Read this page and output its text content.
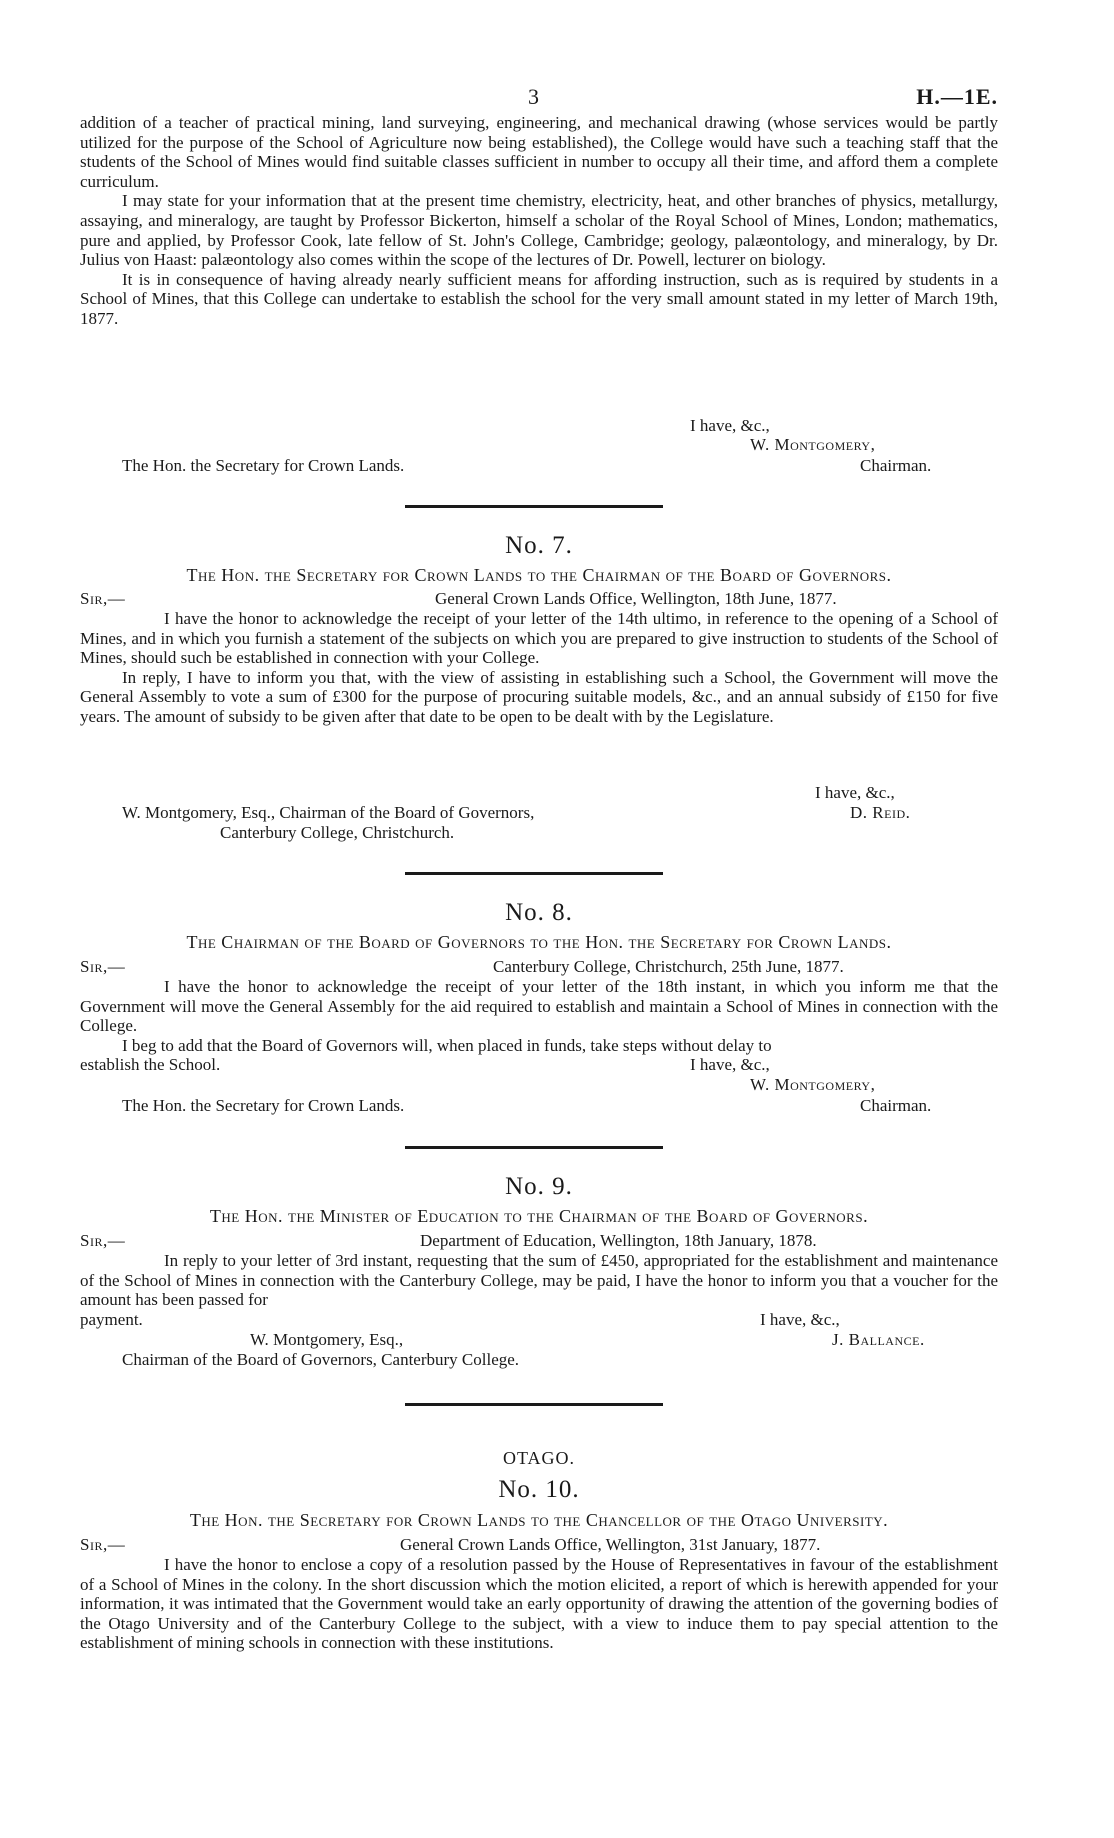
3	H.—1E.

addition of a teacher of practical mining, land surveying, engineering, and mechanical drawing (whose services would be partly utilized for the purpose of the School of Agriculture now being established), the College would have such a teaching staff that the students of the School of Mines would find suitable classes sufficient in number to occupy all their time, and afford them a complete curriculum.

I may state for your information that at the present time chemistry, electricity, heat, and other branches of physics, metallurgy, assaying, and mineralogy, are taught by Professor Bickerton, himself a scholar of the Royal School of Mines, London; mathematics, pure and applied, by Professor Cook, late fellow of St. John's College, Cambridge; geology, palæontology, and mineralogy, by Dr. Julius von Haast: palæontology also comes within the scope of the lectures of Dr. Powell, lecturer on biology.

It is in consequence of having already nearly sufficient means for affording instruction, such as is required by students in a School of Mines, that this College can undertake to establish the school for the very small amount stated in my letter of March 19th, 1877.

I have, &c.,
W. Montgomery,
The Hon. the Secretary for Crown Lands.	Chairman.
No. 7.
The Hon. the Secretary for Crown Lands to the Chairman of the Board of Governors.
Sir,—	General Crown Lands Office, Wellington, 18th June, 1877.

I have the honor to acknowledge the receipt of your letter of the 14th ultimo, in reference to the opening of a School of Mines, and in which you furnish a statement of the subjects on which you are prepared to give instruction to students of the School of Mines, should such be established in connection with your College.

In reply, I have to inform you that, with the view of assisting in establishing such a School, the Government will move the General Assembly to vote a sum of £300 for the purpose of procuring suitable models, &c., and an annual subsidy of £150 for five years. The amount of subsidy to be given after that date to be open to be dealt with by the Legislature.

I have, &c.,
D. Reid.
W. Montgomery, Esq., Chairman of the Board of Governors,
Canterbury College, Christchurch.
No. 8.
The Chairman of the Board of Governors to the Hon. the Secretary for Crown Lands.
Sir,—	Canterbury College, Christchurch, 25th June, 1877.

I have the honor to acknowledge the receipt of your letter of the 18th instant, in which you inform me that the Government will move the General Assembly for the aid required to establish and maintain a School of Mines in connection with the College.

I beg to add that the Board of Governors will, when placed in funds, take steps without delay to

establish the School.	I have, &c.,
W. Montgomery,
The Hon. the Secretary for Crown Lands.	Chairman.
No. 9.
The Hon. the Minister of Education to the Chairman of the Board of Governors.
Sir,—	Department of Education, Wellington, 18th January, 1878.

In reply to your letter of 3rd instant, requesting that the sum of £450, appropriated for the establishment and maintenance of the School of Mines in connection with the Canterbury College, may be paid, I have the honor to inform you that a voucher for the amount has been passed for

payment.	I have, &c.,
J. Ballance.
W. Montgomery, Esq.,
Chairman of the Board of Governors, Canterbury College.
OTAGO.
No. 10.
The Hon. the Secretary for Crown Lands to the Chancellor of the Otago University.
Sir,—	General Crown Lands Office, Wellington, 31st January, 1877.

I have the honor to enclose a copy of a resolution passed by the House of Representatives in favour of the establishment of a School of Mines in the colony. In the short discussion which the motion elicited, a report of which is herewith appended for your information, it was intimated that the Government would take an early opportunity of drawing the attention of the governing bodies of the Otago University and of the Canterbury College to the subject, with a view to induce them to pay special attention to the establishment of mining schools in connection with these institutions.
